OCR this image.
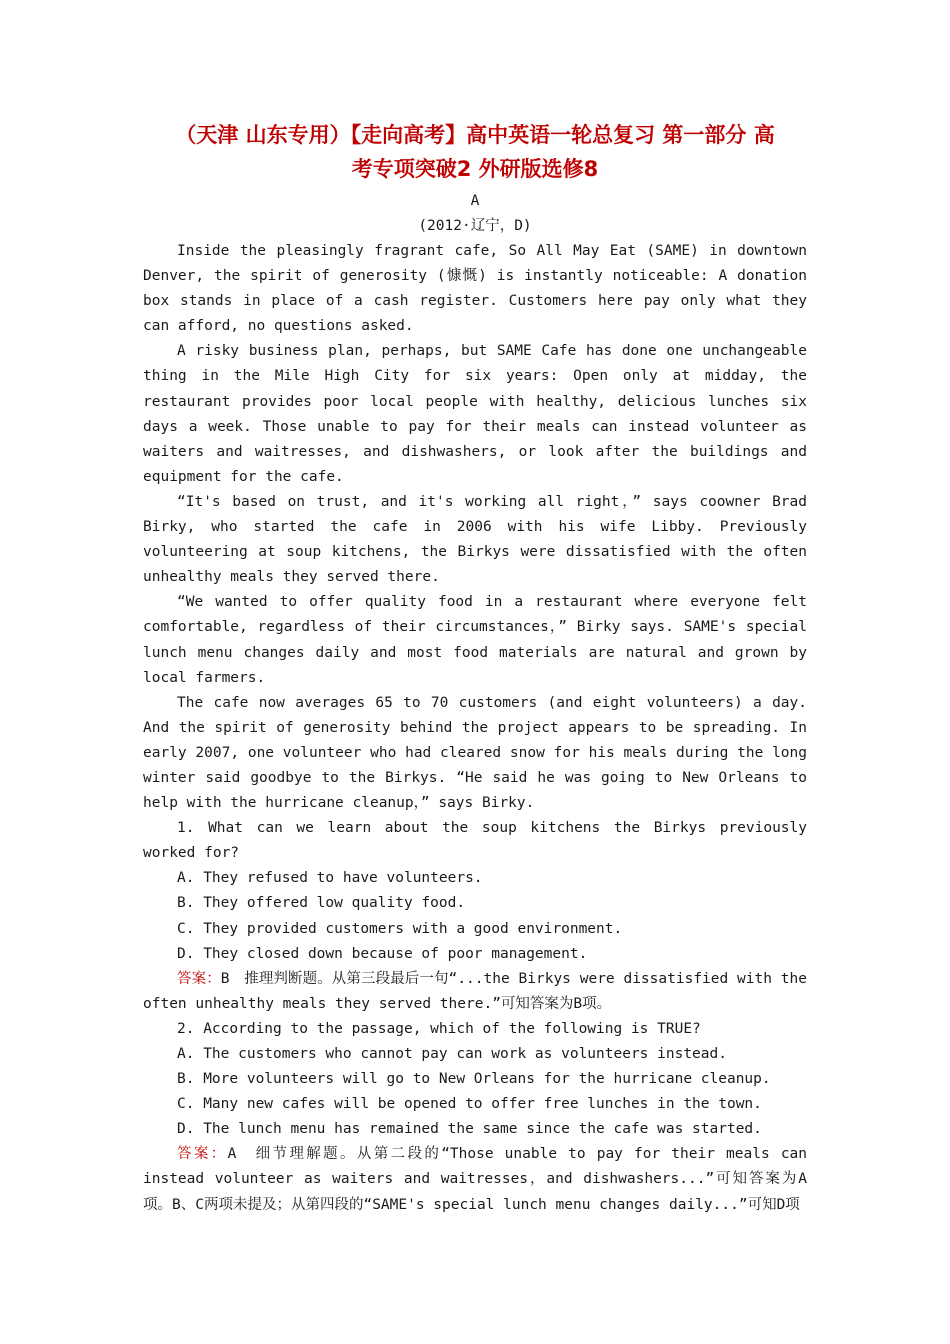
（天津 山东专用）【走向高考】高中英语一轮总复习 第一部分 高
考专项突破2 外研版选修8

A

(2012·辽宁，D)

Inside the pleasingly fragrant cafe, So All May Eat (SAME) in downtown Denver, the spirit of generosity (慷慨) is instantly noticeable: A donation box stands in place of a cash register. Customers here pay only what they can afford, no questions asked.

A risky business plan, perhaps, but SAME Cafe has done one unchangeable thing in the Mile High City for six years: Open only at midday, the restaurant provides poor local people with healthy, delicious lunches six days a week. Those unable to pay for their meals can instead volunteer as waiters and waitresses, and dishwashers, or look after the buildings and equipment for the cafe.

“It's based on trust, and it's working all right，” says coowner Brad Birky, who started the cafe in 2006 with his wife Libby. Previously volunteering at soup kitchens, the Birkys were dissatisfied with the often unhealthy meals they served there.

“We wanted to offer quality food in a restaurant where everyone felt comfortable, regardless of their circumstances，” Birky says. SAME's special lunch menu changes daily and most food materials are natural and grown by local farmers.

The cafe now averages 65 to 70 customers (and eight volunteers) a day. And the spirit of generosity behind the project appears to be spreading. In early 2007, one volunteer who had cleared snow for his meals during the long winter said goodbye to the Birkys. “He said he was going to New Orleans to help with the hurricane cleanup，” says Birky.

1. What can we learn about the soup kitchens the Birkys previously worked for?

A. They refused to have volunteers.

B. They offered low quality food.

C. They provided customers with a good environment.

D. They closed down because of poor management.

答案：B　推理判断题。从第三段最后一句“...the Birkys were dissatisfied with the often unhealthy meals they served there.”可知答案为B项。

2. According to the passage, which of the following is TRUE?

A. The customers who cannot pay can work as volunteers instead.

B. More volunteers will go to New Orleans for the hurricane cleanup.

C. Many new cafes will be opened to offer free lunches in the town.

D. The lunch menu has remained the same since the cafe was started.

答案：A　细节理解题。从第二段的“Those unable to pay for their meals can instead volunteer as waiters and waitresses，and dishwashers...”可知答案为A项。B、C两项未提及；从第四段的“SAME's special lunch menu changes daily...”可知D项
